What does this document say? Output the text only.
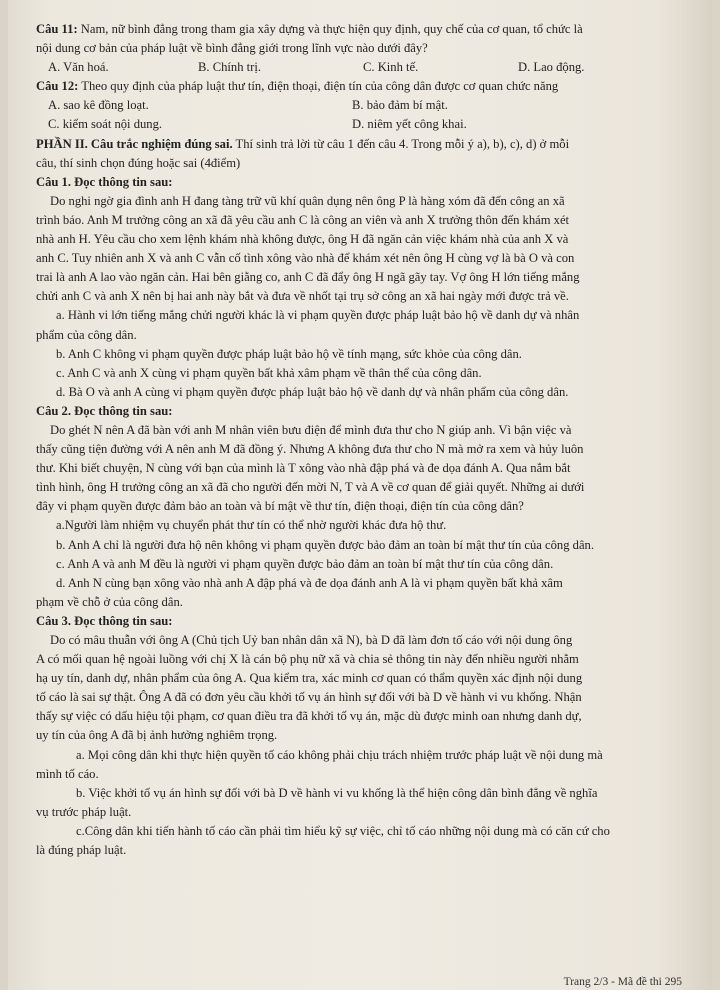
Câu 11: Nam, nữ bình đẳng trong tham gia xây dựng và thực hiện quy định, quy chế của cơ quan, tổ chức là

nội dung cơ bản của pháp luật về bình đẳng giới trong lĩnh vực nào dưới đây?

A. Văn hoá.	B. Chính trị.	C. Kinh tế.	D. Lao động.

Câu 12: Theo quy định của pháp luật thư tín, điện thoại, điện tín của công dân được cơ quan chức năng

A. sao kê đồng loạt.	B. bảo đảm bí mật.
C. kiểm soát nội dung.	D. niêm yết công khai.

PHẦN II. Câu trắc nghiệm đúng sai. Thí sinh trả lời từ câu 1 đến câu 4. Trong mỗi ý a), b), c), d) ở mỗi

câu, thí sinh chọn đúng hoặc sai (4điểm)

Câu 1. Đọc thông tin sau:

Do nghi ngờ gia đình anh H đang tàng trữ vũ khí quân dụng nên ông P là hàng xóm đã đến công an xã

trình báo. Anh M trưởng công an xã đã yêu cầu anh C là công an viên và anh X trưởng thôn đến khám xét

nhà anh H. Yêu cầu cho xem lệnh khám nhà không được, ông H đã ngăn cản việc khám nhà của anh X và

anh C. Tuy nhiên anh X và anh C vẫn cố tình xông vào nhà để khám xét nên ông H cùng vợ là bà O và con

trai là anh A lao vào ngăn cản. Hai bên giằng co, anh C đã đẩy ông H ngã gãy tay. Vợ ông H lớn tiếng mắng

chửi anh C và anh X nên bị hai anh này bắt và đưa về nhốt tại trụ sở công an xã hai ngày mới được trả về.

a. Hành vi lớn tiếng mắng chửi người khác là vi phạm quyền được pháp luật bảo hộ về danh dự và nhân

phẩm của công dân.

b. Anh C không vi phạm quyền được pháp luật bảo hộ về tính mạng, sức khỏe của công dân.

c. Anh C và anh X cùng vi phạm quyền bất khả xâm phạm về thân thể của công dân.

d. Bà O và anh A cùng vi phạm quyền được pháp luật bảo hộ về danh dự và nhân phẩm của công dân.

Câu 2. Đọc thông tin sau:

Do ghét N nên A đã bàn với anh M nhân viên bưu điện để mình đưa thư cho N giúp anh. Vì bận việc và

thấy cũng tiện đường với A nên anh M đã đồng ý. Nhưng A không đưa thư cho N mà mở ra xem và hủy luôn

thư. Khi biết chuyện, N cùng với bạn của mình là T xông vào nhà đập phá và đe dọa đánh A. Qua nắm bắt

tình hình, ông H trưởng công an xã đã cho người đến mời N, T và A về cơ quan để giải quyết. Những ai dưới

đây vi phạm quyền được đảm bảo an toàn và bí mật về thư tín, điện thoại, điện tín của công dân?

a.Người làm nhiệm vụ chuyển phát thư tín có thể nhờ người khác đưa hộ thư.

b. Anh A chỉ là người đưa hộ nên không vi phạm quyền được bảo đảm an toàn bí mật thư tín của công dân.

c. Anh A và anh M đều là người vi phạm quyền được bảo đảm an toàn bí mật thư tín của công dân.

d. Anh N cùng bạn xông vào nhà anh A đập phá và đe dọa đánh anh A là vi phạm quyền bất khả xâm

phạm về chỗ ở của công dân.

Câu 3. Đọc thông tin sau:

Do có mâu thuẫn với ông A (Chủ tịch Uỷ ban nhân dân xã N), bà D đã làm đơn tố cáo với nội dung ông

A có mối quan hệ ngoài luồng với chị X là cán bộ phụ nữ xã và chia sẻ thông tin này đến nhiều người nhằm

hạ uy tín, danh dự, nhân phẩm của ông A. Qua kiểm tra, xác minh cơ quan có thẩm quyền xác định nội dung

tố cáo là sai sự thật. Ông A đã có đơn yêu cầu khởi tố vụ án hình sự đối với bà D về hành vi vu khống. Nhận

thấy sự việc có dấu hiệu tội phạm, cơ quan điều tra đã khởi tố vụ án, mặc dù được minh oan nhưng danh dự,

uy tín của ông A đã bị ảnh hưởng nghiêm trọng.

a. Mọi công dân khi thực hiện quyền tố cáo không phải chịu trách nhiệm trước pháp luật về nội dung mà

mình tố cáo.

b. Việc khởi tố vụ án hình sự đối với bà D về hành vi vu khống là thể hiện công dân bình đẳng về nghĩa

vụ trước pháp luật.

c.Công dân khi tiến hành tố cáo cần phải tìm hiểu kỹ sự việc, chỉ tố cáo những nội dung mà có căn cứ cho

là đúng pháp luật.

Trang 2/3 - Mã đề thi 295
